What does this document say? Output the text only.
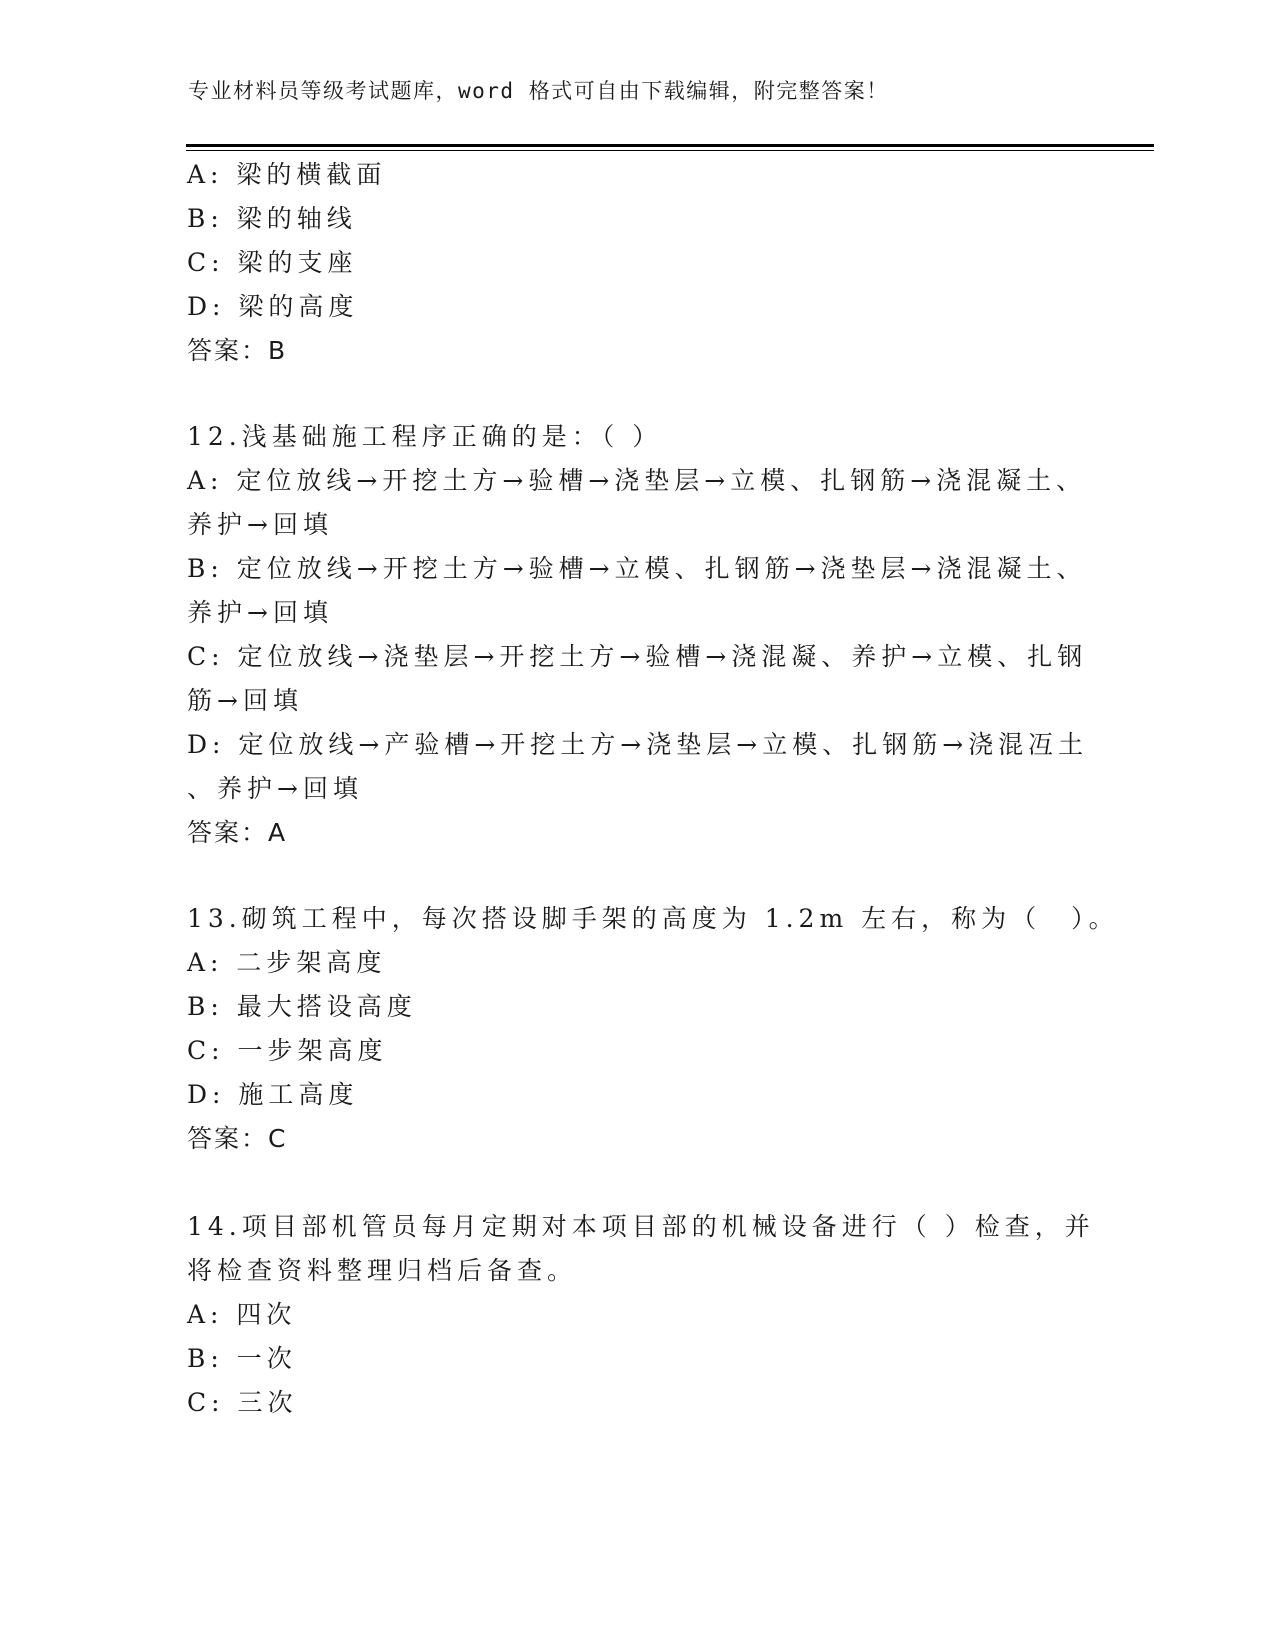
专业材料员等级考试题库，word 格式可自由下载编辑，附完整答案！
A: 梁的横截面
B: 梁的轴线
C: 梁的支座
D: 梁的高度
答案：B
12.浅基础施工程序正确的是：（ ）
A: 定位放线→开挖土方→验槽→浇垫层→立模、扎钢筋→浇混凝土、
养护→回填
B: 定位放线→开挖土方→验槽→立模、扎钢筋→浇垫层→浇混凝土、
养护→回填
C: 定位放线→浇垫层→开挖土方→验槽→浇混凝、养护→立模、扎钢
筋→回填
D: 定位放线→产验槽→开挖土方→浇垫层→立模、扎钢筋→浇混冱土
、养护→回填
答案：A
13.砌筑工程中，每次搭设脚手架的高度为 1.2m 左右，称为（　）。
A: 二步架高度
B: 最大搭设高度
C: 一步架高度
D: 施工高度
答案：C
14.项目部机管员每月定期对本项目部的机械设备进行（ ）检查，并
将检查资料整理归档后备查。
A: 四次
B: 一次
C: 三次
